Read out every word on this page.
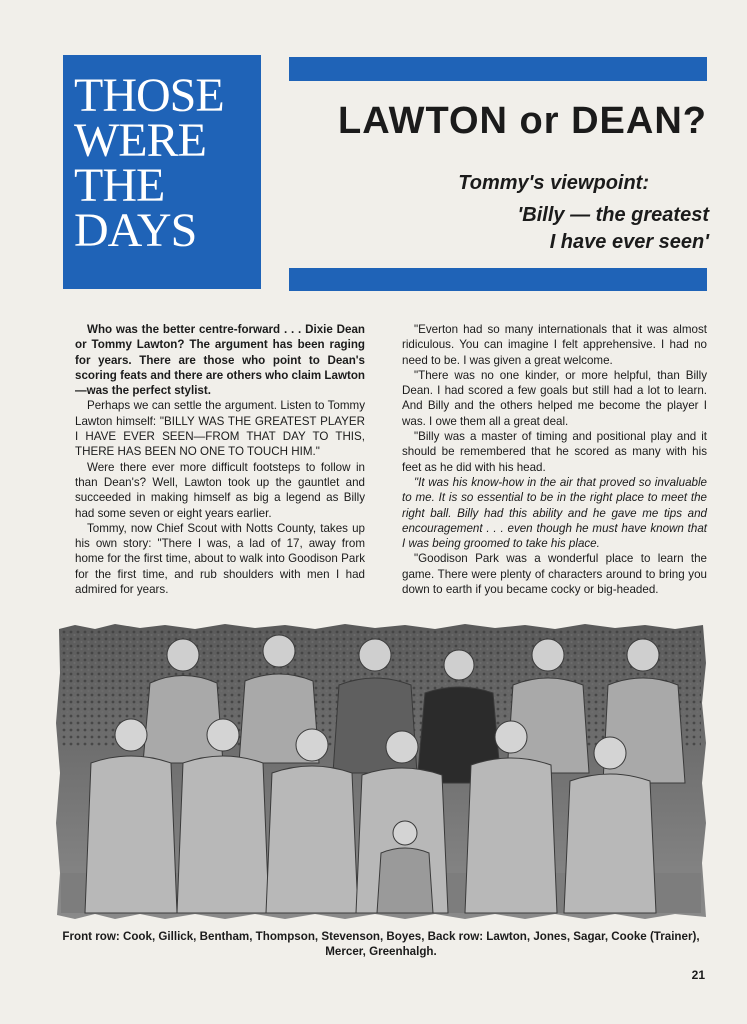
THOSE
WERE
THE
DAYS
LAWTON or DEAN?
Tommy's viewpoint:
'Billy — the greatest
I have ever seen'

Who was the better centre-forward . . . Dixie Dean or Tommy Lawton? The argument has been raging for years. There are those who point to Dean's scoring feats and there are others who claim Lawton—was the perfect stylist.

Perhaps we can settle the argument. Listen to Tommy Lawton himself: "BILLY WAS THE GREATEST PLAYER I HAVE EVER SEEN—FROM THAT DAY TO THIS, THERE HAS BEEN NO ONE TO TOUCH HIM."

Were there ever more difficult footsteps to follow in than Dean's? Well, Lawton took up the gauntlet and succeeded in making himself as big a legend as Billy had some seven or eight years earlier.

Tommy, now Chief Scout with Notts County, takes up his own story: "There I was, a lad of 17, away from home for the first time, about to walk into Goodison Park for the first time, and rub shoulders with men I had admired for years.

"Everton had so many internationals that it was almost ridiculous. You can imagine I felt apprehensive. I had no need to be. I was given a great welcome.

"There was no one kinder, or more helpful, than Billy Dean. I had scored a few goals but still had a lot to learn. And Billy and the others helped me become the player I was. I owe them all a great deal.

"Billy was a master of timing and positional play and it should be remembered that he scored as many with his feet as he did with his head.

"It was his know-how in the air that proved so invaluable to me. It is so essential to be in the right place to meet the right ball. Billy had this ability and he gave me tips and encouragement . . . even though he must have known that I was being groomed to take his place.

"Goodison Park was a wonderful place to learn the game. There were plenty of characters around to bring you down to earth if you became cocky or big-headed.

Front row: Cook, Gillick, Bentham, Thompson, Stevenson, Boyes, Back row: Lawton, Jones, Sagar, Cooke (Trainer), Mercer, Greenhalgh.
21
